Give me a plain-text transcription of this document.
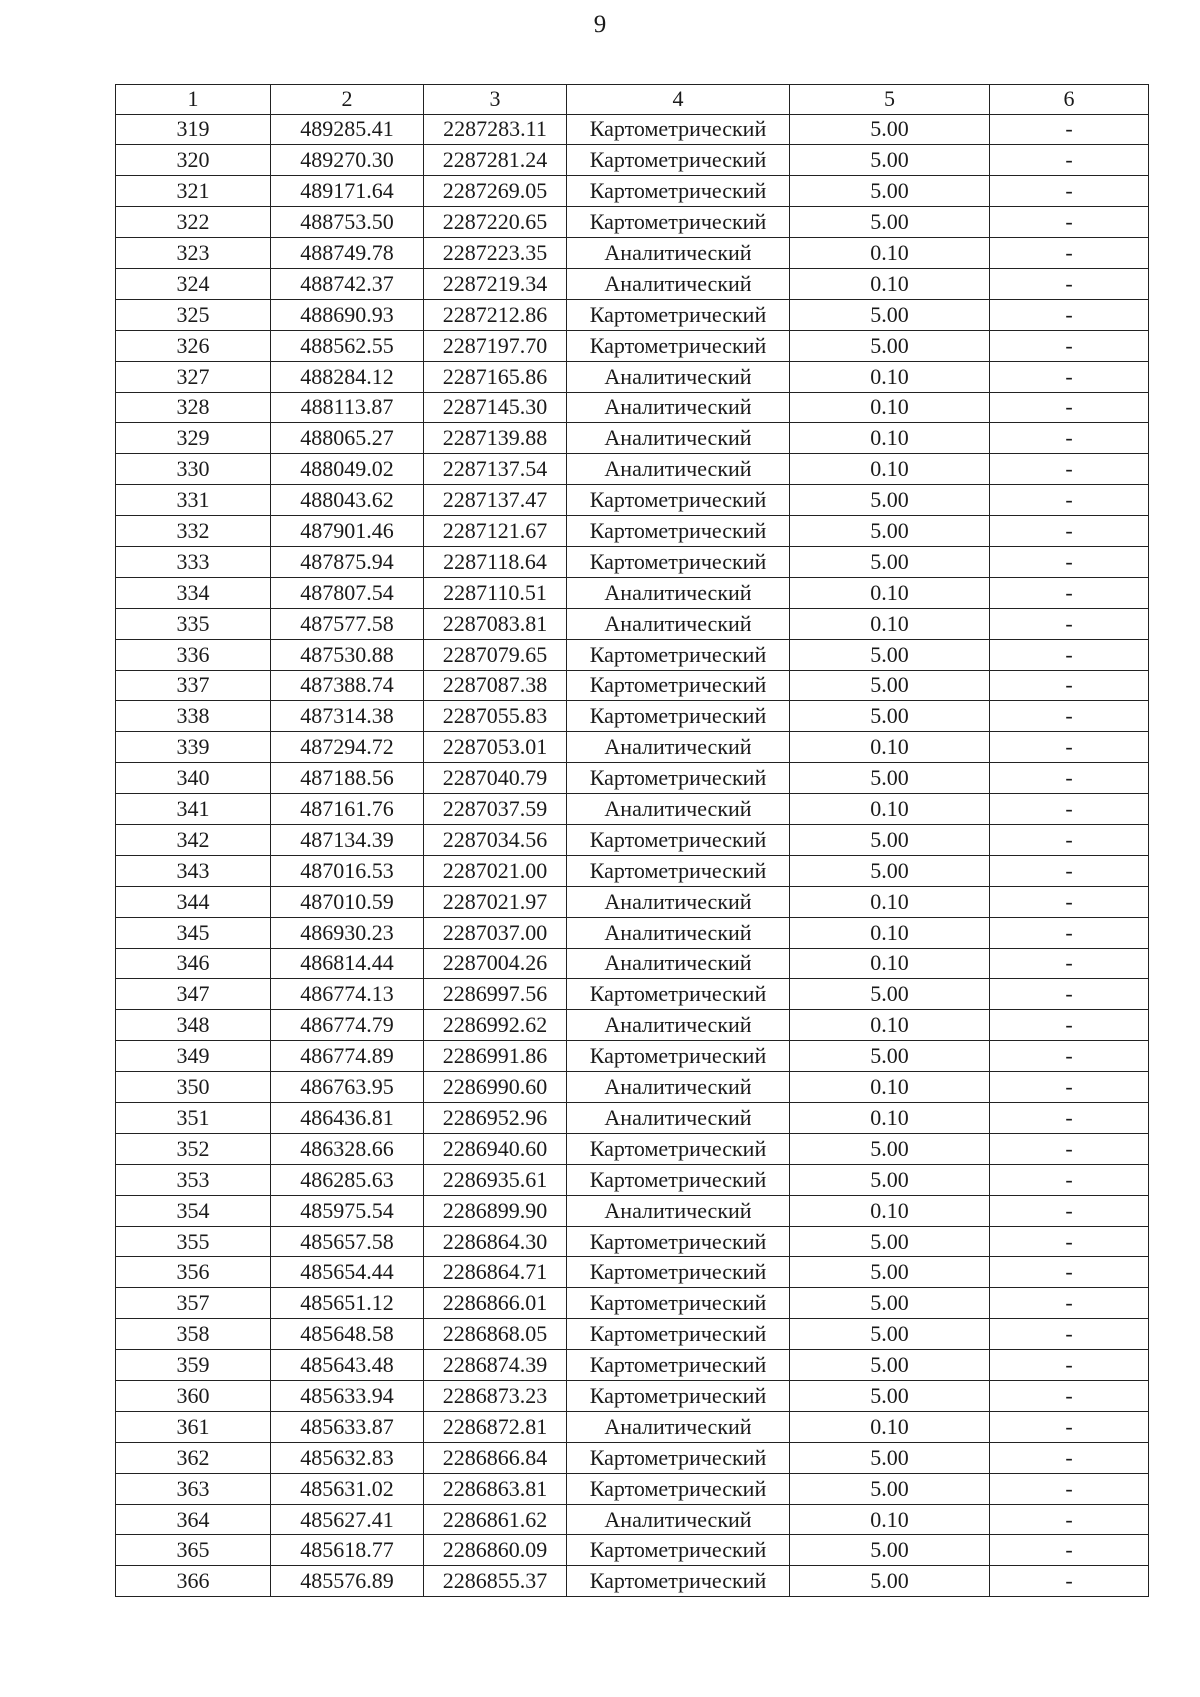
9
1	2	3	4	5	6
319	489285.41	2287283.11	Картометрический	5.00	-
320	489270.30	2287281.24	Картометрический	5.00	-
321	489171.64	2287269.05	Картометрический	5.00	-
322	488753.50	2287220.65	Картометрический	5.00	-
323	488749.78	2287223.35	Аналитический	0.10	-
324	488742.37	2287219.34	Аналитический	0.10	-
325	488690.93	2287212.86	Картометрический	5.00	-
326	488562.55	2287197.70	Картометрический	5.00	-
327	488284.12	2287165.86	Аналитический	0.10	-
328	488113.87	2287145.30	Аналитический	0.10	-
329	488065.27	2287139.88	Аналитический	0.10	-
330	488049.02	2287137.54	Аналитический	0.10	-
331	488043.62	2287137.47	Картометрический	5.00	-
332	487901.46	2287121.67	Картометрический	5.00	-
333	487875.94	2287118.64	Картометрический	5.00	-
334	487807.54	2287110.51	Аналитический	0.10	-
335	487577.58	2287083.81	Аналитический	0.10	-
336	487530.88	2287079.65	Картометрический	5.00	-
337	487388.74	2287087.38	Картометрический	5.00	-
338	487314.38	2287055.83	Картометрический	5.00	-
339	487294.72	2287053.01	Аналитический	0.10	-
340	487188.56	2287040.79	Картометрический	5.00	-
341	487161.76	2287037.59	Аналитический	0.10	-
342	487134.39	2287034.56	Картометрический	5.00	-
343	487016.53	2287021.00	Картометрический	5.00	-
344	487010.59	2287021.97	Аналитический	0.10	-
345	486930.23	2287037.00	Аналитический	0.10	-
346	486814.44	2287004.26	Аналитический	0.10	-
347	486774.13	2286997.56	Картометрический	5.00	-
348	486774.79	2286992.62	Аналитический	0.10	-
349	486774.89	2286991.86	Картометрический	5.00	-
350	486763.95	2286990.60	Аналитический	0.10	-
351	486436.81	2286952.96	Аналитический	0.10	-
352	486328.66	2286940.60	Картометрический	5.00	-
353	486285.63	2286935.61	Картометрический	5.00	-
354	485975.54	2286899.90	Аналитический	0.10	-
355	485657.58	2286864.30	Картометрический	5.00	-
356	485654.44	2286864.71	Картометрический	5.00	-
357	485651.12	2286866.01	Картометрический	5.00	-
358	485648.58	2286868.05	Картометрический	5.00	-
359	485643.48	2286874.39	Картометрический	5.00	-
360	485633.94	2286873.23	Картометрический	5.00	-
361	485633.87	2286872.81	Аналитический	0.10	-
362	485632.83	2286866.84	Картометрический	5.00	-
363	485631.02	2286863.81	Картометрический	5.00	-
364	485627.41	2286861.62	Аналитический	0.10	-
365	485618.77	2286860.09	Картометрический	5.00	-
366	485576.89	2286855.37	Картометрический	5.00	-
